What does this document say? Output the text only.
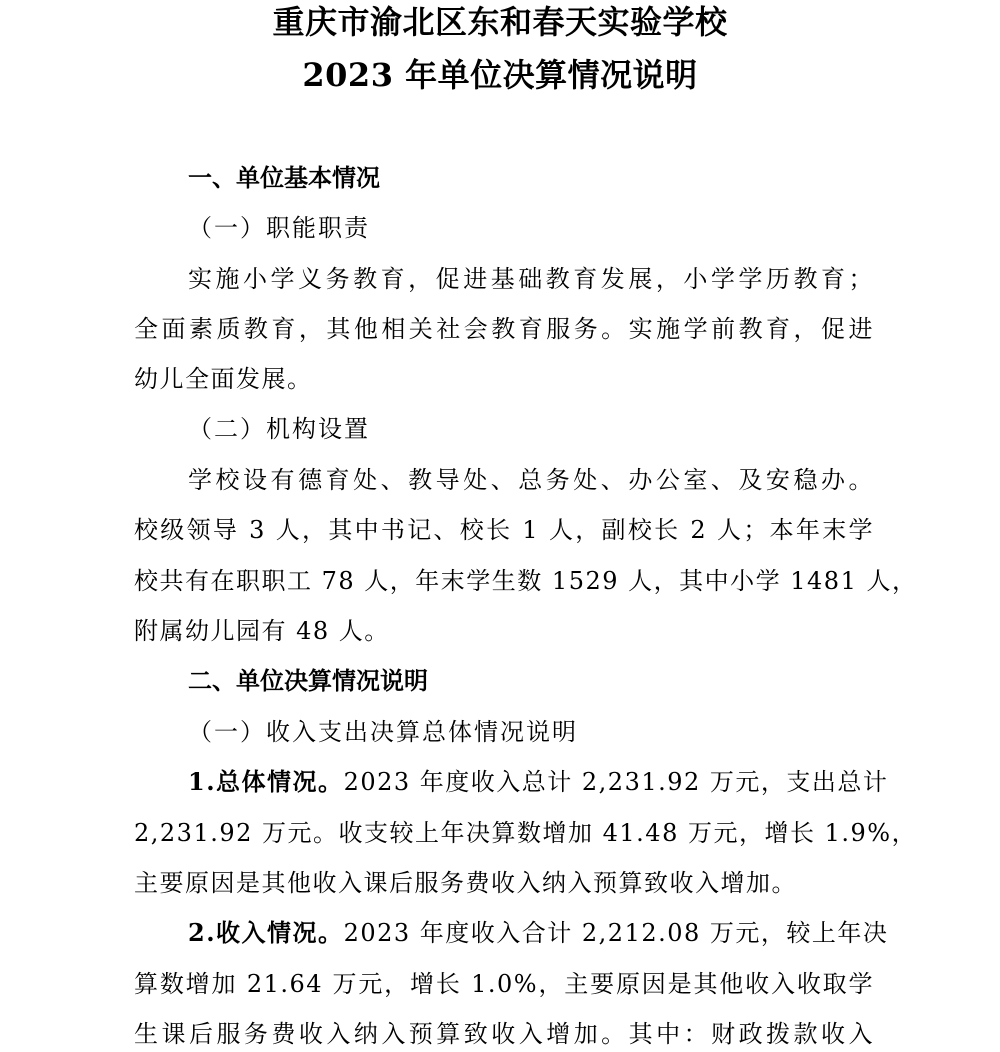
重庆市渝北区东和春天实验学校
2023 年单位决算情况说明
一、单位基本情况
（一）职能职责
实施小学义务教育，促进基础教育发展，小学学历教育；
全面素质教育，其他相关社会教育服务。实施学前教育，促进
幼儿全面发展。
（二）机构设置
学校设有德育处、教导处、总务处、办公室、及安稳办。
校级领导 3 人，其中书记、校长 1 人，副校长 2 人；本年末学
校共有在职职工 78 人，年末学生数 1529 人，其中小学 1481 人，
附属幼儿园有 48 人。
二、单位决算情况说明
（一）收入支出决算总体情况说明
1.总体情况。2023 年度收入总计 2,231.92 万元，支出总计
2,231.92 万元。收支较上年决算数增加 41.48 万元，增长 1.9%，
主要原因是其他收入课后服务费收入纳入预算致收入增加。
2.收入情况。2023 年度收入合计 2,212.08 万元，较上年决
算数增加 21.64 万元，增长 1.0%，主要原因是其他收入收取学
生课后服务费收入纳入预算致收入增加。其中：财政拨款收入
